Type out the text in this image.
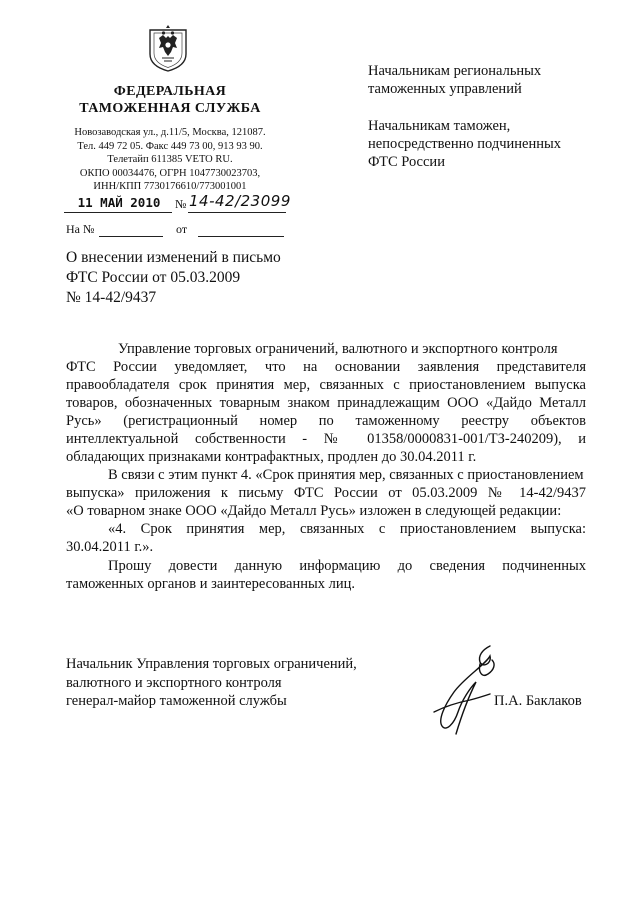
ФЕДЕРАЛЬНАЯ
ТАМОЖЕННАЯ СЛУЖБА
Новозаводская ул., д.11/5, Москва, 121087.
Тел. 449 72 05. Факс 449 73 00, 913 93 90.
Телетайп 611385 VETO RU.
ОКПО 00034476, ОГРН 1047730023703,
ИНН/КПП 7730176610/773001001
11 МАЙ 2010	№ 14-42/23099
На №	от
Начальникам региональных
таможенных управлений
Начальникам таможен,
непосредственно подчиненных
ФТС России
О внесении изменений в письмо
ФТС России от 05.03.2009
№ 14-42/9437
Управление торговых ограничений, валютного и экспортного контроля
ФТС России уведомляет, что на основании заявления представителя
правообладателя срок принятия мер, связанных с приостановлением выпуска
товаров, обозначенных товарным знаком принадлежащим ООО «Дайдо Металл
Русь» (регистрационный номер по таможенному реестру объектов
интеллектуальной собственности - № 01358/0000831-001/ТЗ-240209), и
обладающих признаками контрафактных, продлен до 30.04.2011 г.
В связи с этим пункт 4. «Срок принятия мер, связанных с приостановлением
выпуска» приложения к письму ФТС России от 05.03.2009 № 14-42/9437
«О товарном знаке ООО «Дайдо Металл Русь» изложен в следующей редакции:
«4. Срок принятия мер, связанных с приостановлением выпуска:
30.04.2011 г.».
Прошу довести данную информацию до сведения подчиненных
таможенных органов и заинтересованных лиц.
Начальник Управления торговых ограничений,
валютного и экспортного контроля
генерал-майор таможенной службы	П.А. Баклаков
